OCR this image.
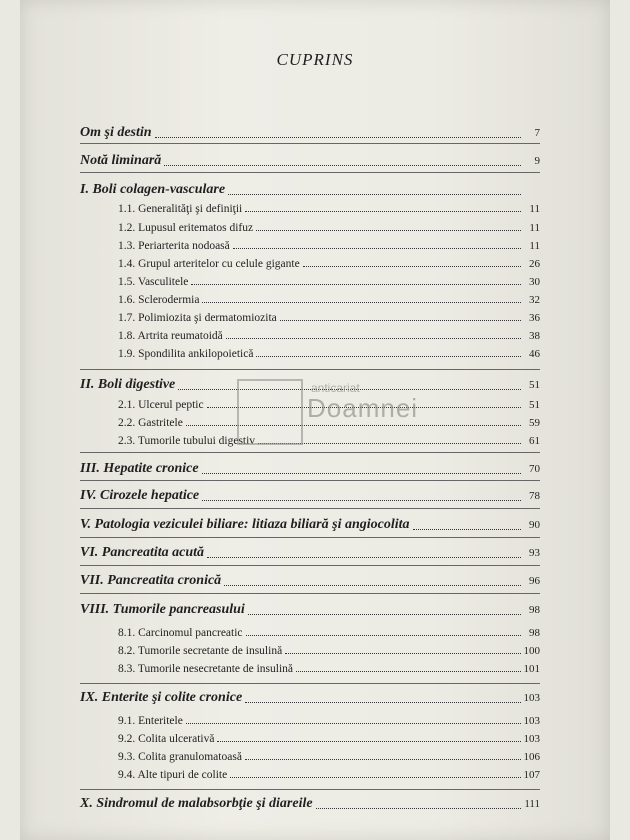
CUPRINS
Om şi destin	7
Notă liminară	9
I. Boli colagen-vasculare
1.1. Generalităţi şi definiţii	11
1.2. Lupusul eritematos difuz	11
1.3. Periarterita nodoasă	11
1.4. Grupul arteritelor cu celule gigante	26
1.5. Vasculitele	30
1.6. Sclerodermia	32
1.7. Polimiozita şi dermatomiozita	36
1.8. Artrita reumatoidă	38
1.9. Spondilita ankilopoietică	46
II. Boli digestive	51
2.1. Ulcerul peptic	51
2.2. Gastritele	59
2.3. Tumorile tubului digestiv	61
III. Hepatite cronice	70
IV. Cirozele hepatice	78
V. Patologia veziculei biliare: litiaza biliară şi angiocolita	90
VI. Pancreatita acută	93
VII. Pancreatita cronică	96
VIII. Tumorile pancreasului	98
8.1. Carcinomul pancreatic	98
8.2. Tumorile secretante de insulină	100
8.3. Tumorile nesecretante de insulină	101
IX. Enterite şi colite cronice	103
9.1. Enteritele	103
9.2. Colita ulcerativă	103
9.3. Colita granulomatoasă	106
9.4. Alte tipuri de colite	107
X. Sindromul de malabsorbţie şi diareile	111
anticariat
Doamnei
